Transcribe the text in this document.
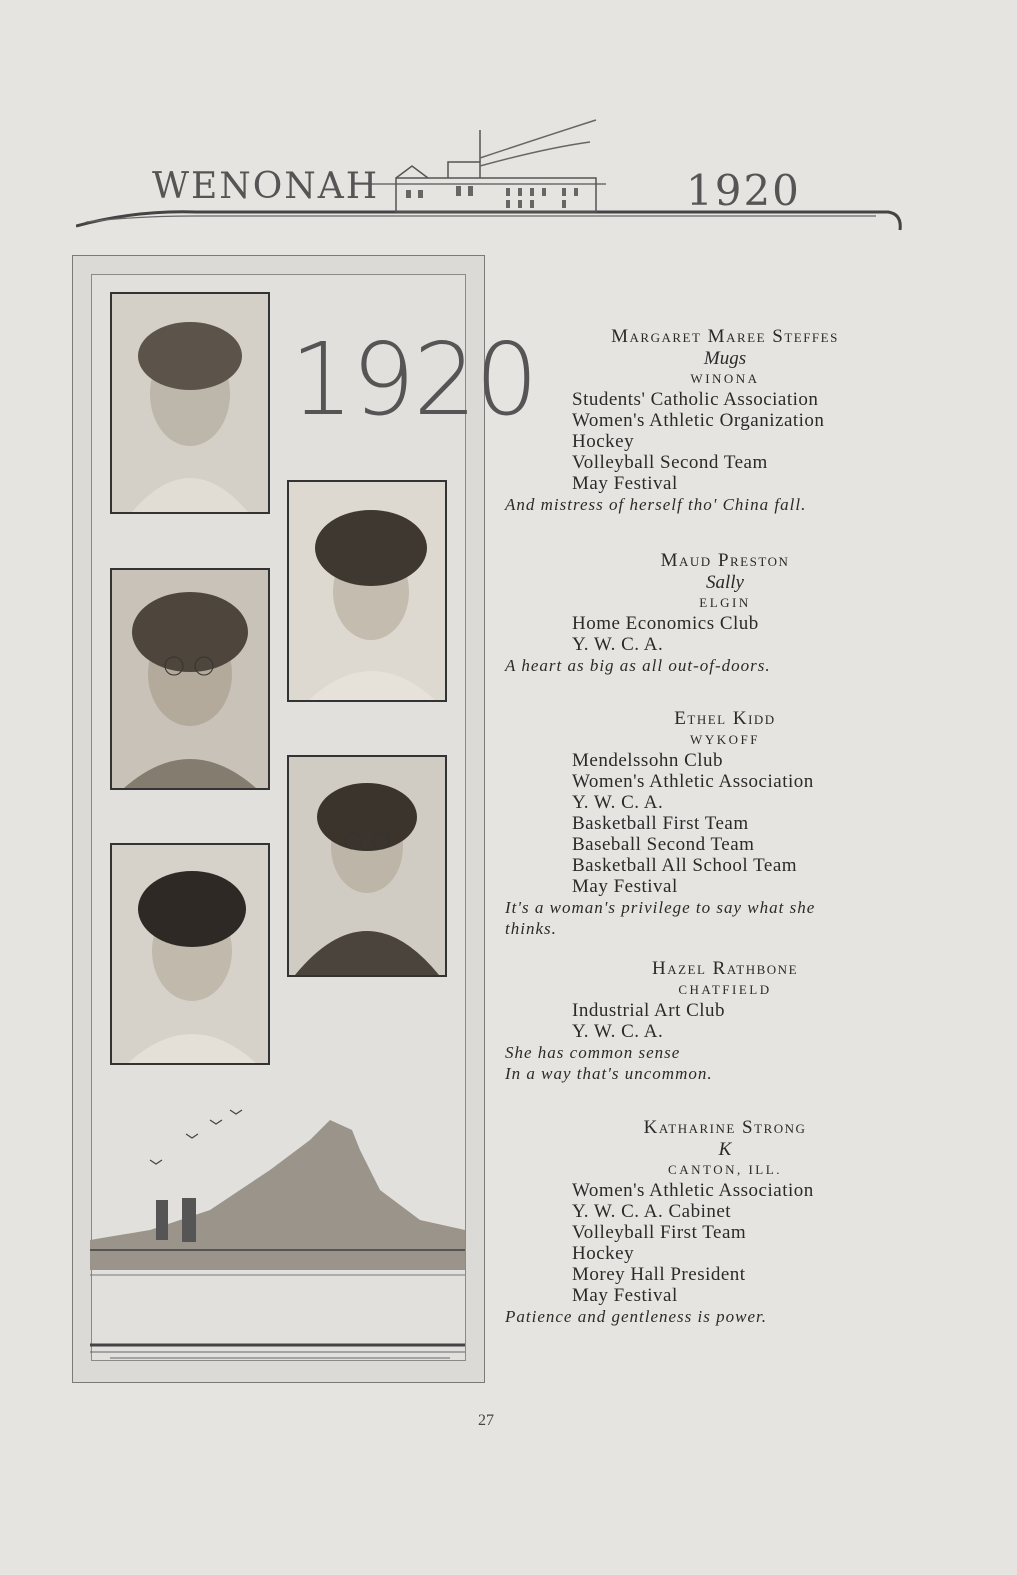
WENONAH	1920
1920	Margaret Maree Steffes
Mugs
WINONA
Students' Catholic Association
Women's Athletic Organization
Hockey
Volleyball Second Team
May Festival
And mistress of herself tho' China fall.
Maud Preston
Sally
ELGIN
Home Economics Club
Y. W. C. A.
A heart as big as all out-of-doors.
Ethel Kidd
WYKOFF
Mendelssohn Club
Women's Athletic Association
Y. W. C. A.
Basketball First Team
Baseball Second Team
Basketball All School Team
May Festival
It's a woman's privilege to say what she
thinks.
Hazel Rathbone
CHATFIELD
Industrial Art Club
Y. W. C. A.
She has common sense
In a way that's uncommon.
Katharine Strong
K
CANTON, ILL.
Women's Athletic Association
Y. W. C. A. Cabinet
Volleyball First Team
Hockey
Morey Hall President
May Festival
Patience and gentleness is power.
27
